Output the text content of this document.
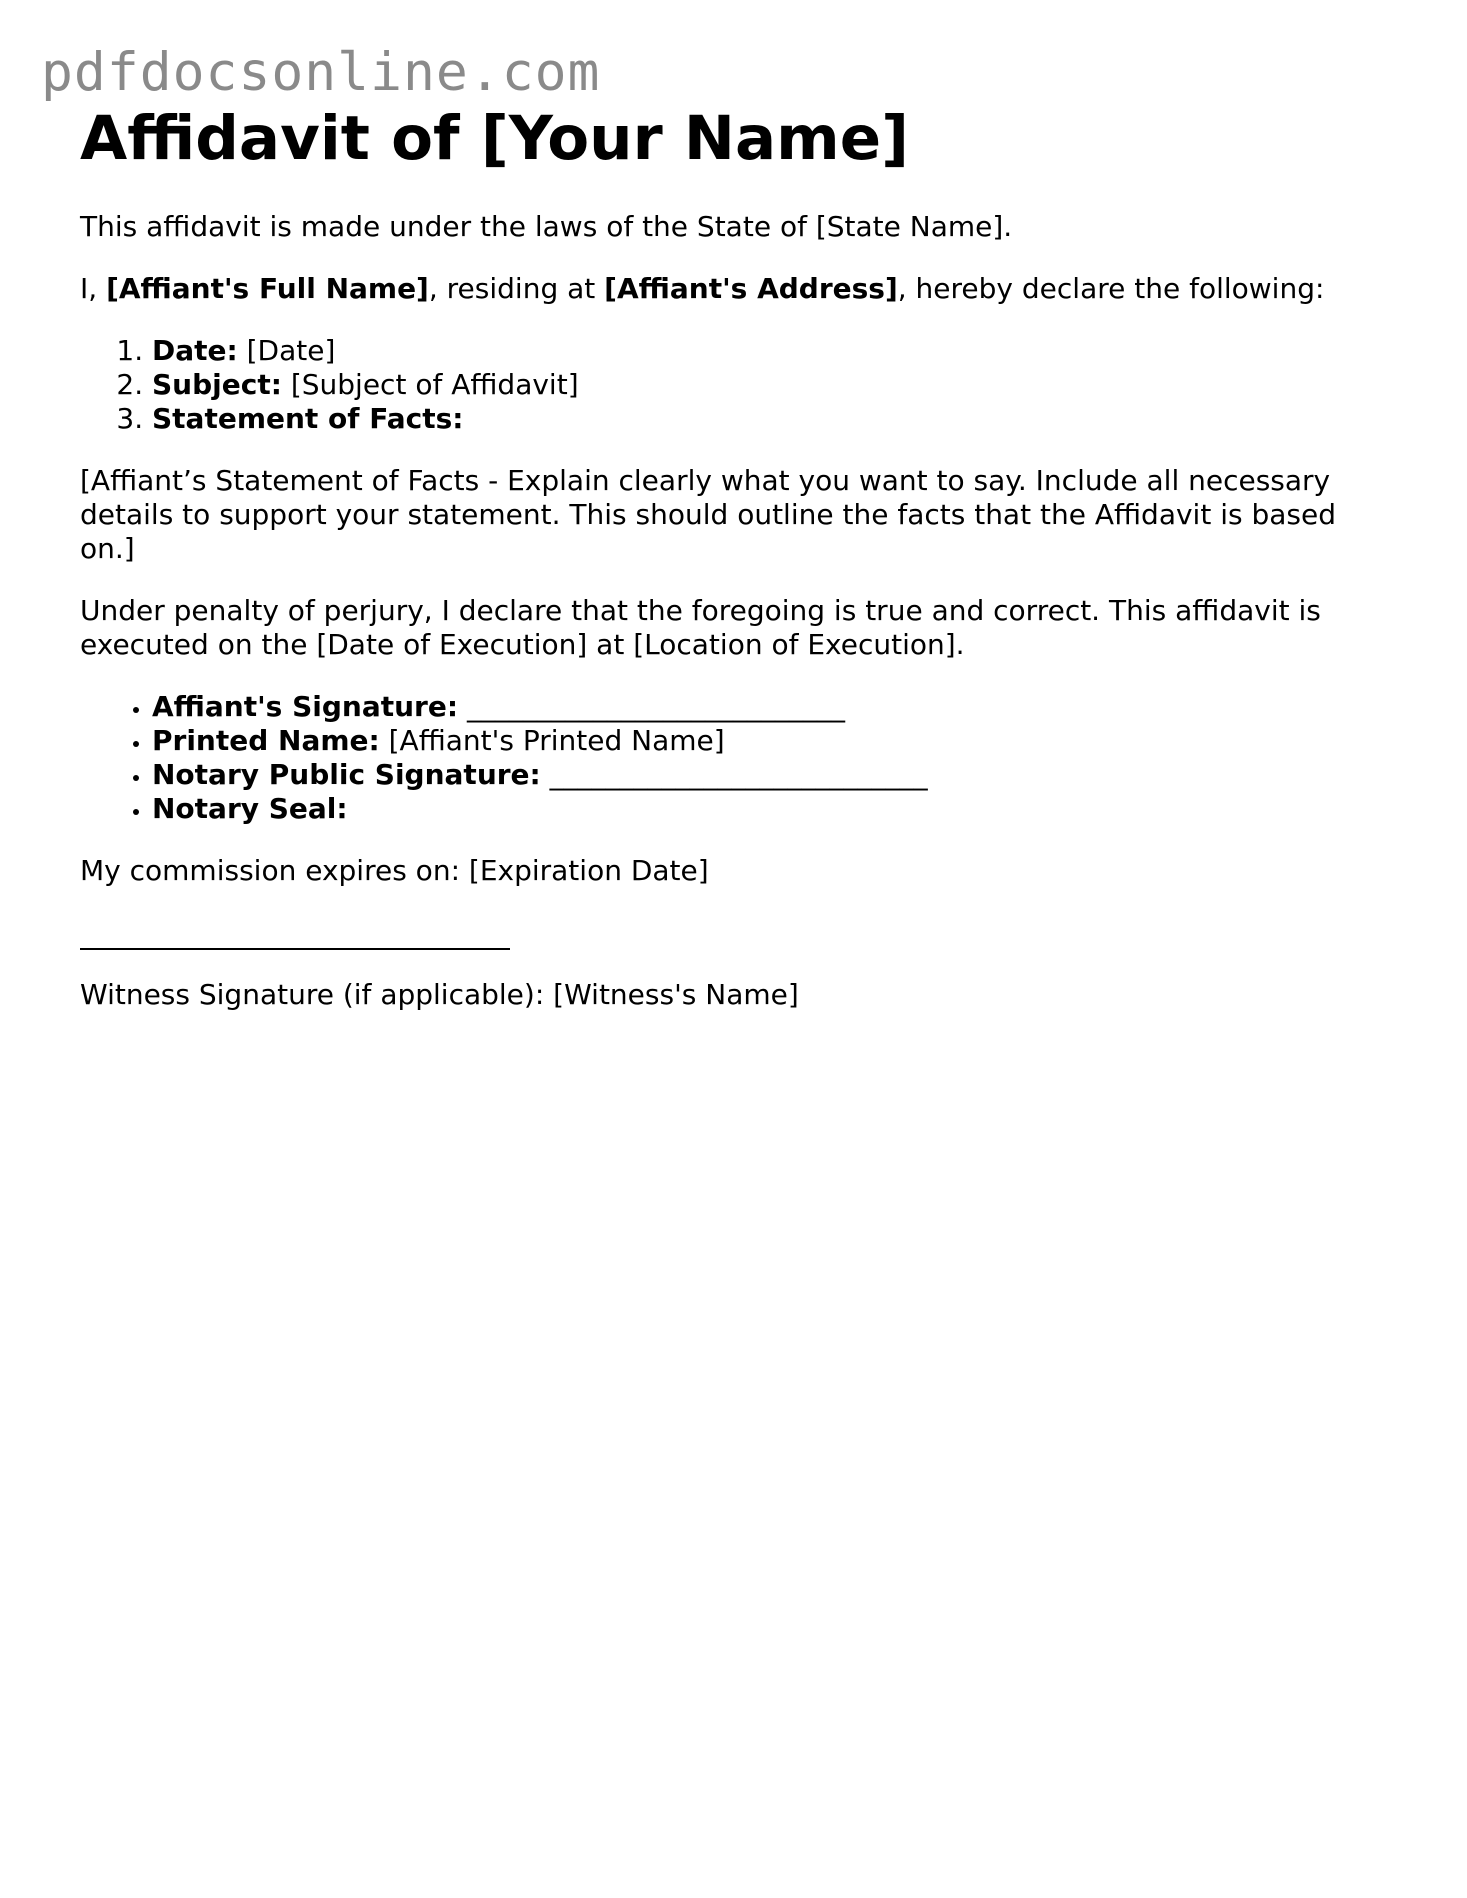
pdfdocsonline.com
Affidavit of [Your Name]

This affidavit is made under the laws of the State of [State Name].

I, [Affiant's Full Name], residing at [Affiant's Address], hereby declare the following:

1. Date: [Date]
2. Subject: [Subject of Affidavit]
3. Statement of Facts:

[Affiant’s Statement of Facts - Explain clearly what you want to say. Include all necessary details to support your statement. This should outline the facts that the Affidavit is based on.]

Under penalty of perjury, I declare that the foregoing is true and correct. This affidavit is executed on the [Date of Execution] at [Location of Execution].

• Affiant's Signature: ___________________________
• Printed Name: [Affiant's Printed Name]
• Notary Public Signature: ___________________________
• Notary Seal:

My commission expires on: [Expiration Date]

Witness Signature (if applicable): [Witness's Name]
